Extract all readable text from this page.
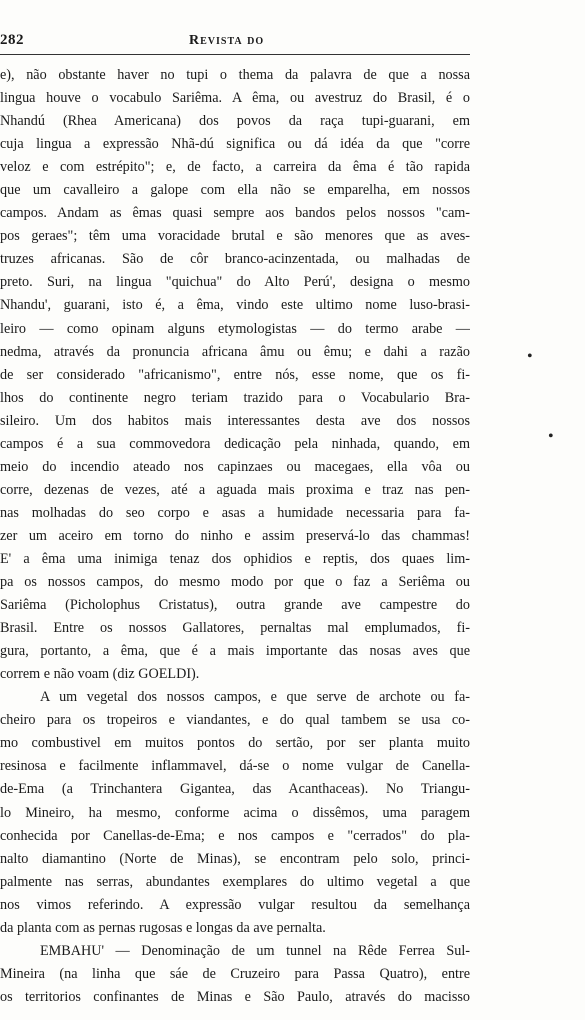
282	Revista do
e), não obstante haver no tupi o thema da palavra de que a nossa
lingua houve o vocabulo Sariêma. A êma, ou avestruz do Brasil, é o
Nhandú (Rhea Americana) dos povos da raça tupi-guarani, em
cuja lingua a expressão Nhã-dú significa ou dá idéa da que "corre
veloz e com estrépito"; e, de facto, a carreira da êma é tão rapida
que um cavalleiro a galope com ella não se emparelha, em nossos
campos. Andam as êmas quasi sempre aos bandos pelos nossos "cam-
pos geraes"; têm uma voracidade brutal e são menores que as aves-
truzes africanas. São de côr branco-acinzentada, ou malhadas de
preto. Suri, na lingua "quichua" do Alto Perú', designa o mesmo
Nhandu', guarani, isto é, a êma, vindo este ultimo nome luso-brasi-
leiro — como opinam alguns etymologistas — do termo arabe —
nedma, através da pronuncia africana âmu ou êmu; e dahi a razão
de ser considerado "africanismo", entre nós, esse nome, que os fi-
lhos do continente negro teriam trazido para o Vocabulario Bra-
sileiro. Um dos habitos mais interessantes desta ave dos nossos
campos é a sua commovedora dedicação pela ninhada, quando, em
meio do incendio ateado nos capinzaes ou macegaes, ella vôa ou
corre, dezenas de vezes, até a aguada mais proxima e traz nas pen-
nas molhadas do seo corpo e asas a humidade necessaria para fa-
zer um aceiro em torno do ninho e assim preservá-lo das chammas!
E' a êma uma inimiga tenaz dos ophidios e reptis, dos quaes lim-
pa os nossos campos, do mesmo modo por que o faz a Seriêma ou
Sariêma (Picholophus Cristatus), outra grande ave campestre do
Brasil. Entre os nossos Gallatores, pernaltas mal emplumados, fi-
gura, portanto, a êma, que é a mais importante das nosas aves que
correm e não voam (diz GOELDI).
A um vegetal dos nossos campos, e que serve de archote ou fa-
cheiro para os tropeiros e viandantes, e do qual tambem se usa co-
mo combustivel em muitos pontos do sertão, por ser planta muito
resinosa e facilmente inflammavel, dá-se o nome vulgar de Canella-
de-Ema (a Trinchantera Gigantea, das Acanthaceas). No Triangu-
lo Mineiro, ha mesmo, conforme acima o dissêmos, uma paragem
conhecida por Canellas-de-Ema; e nos campos e "cerrados" do pla-
nalto diamantino (Norte de Minas), se encontram pelo solo, princi-
palmente nas serras, abundantes exemplares do ultimo vegetal a que
nos vimos referindo. A expressão vulgar resultou da semelhança
da planta com as pernas rugosas e longas da ave pernalta.
EMBAHU' — Denominação de um tunnel na Rêde Ferrea Sul-
Mineira (na linha que sáe de Cruzeiro para Passa Quatro), entre
os territorios confinantes de Minas e São Paulo, através do macisso
•
•
